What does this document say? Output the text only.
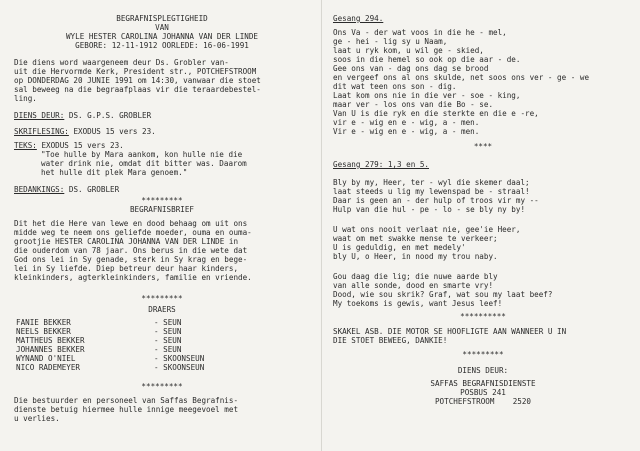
BEGRAFNISPLEGTIGHEID
VAN
WYLE HESTER CAROLINA JOHANNA VAN DER LINDE
GEBORE: 12-11-1912 OORLEDE: 16-06-1991
Die diens word waargeneem deur Ds. Grobler van-
uit die Hervormde Kerk, President str., POTCHEFSTROOM
op DONDERDAG 20 JUNIE 1991 om 14:30, vanwaar die stoet
sal beweeg na die begraafplaas vir die teraardebestel-
ling.
DIENS DEUR: DS. G.P.S. GROBLER
SKRIFLESING: EXODUS 15 vers 23.
TEKS: EXODUS 15 vers 23.
"Toe hulle by Mara aankom, kon hulle nie die
water drink nie, omdat dit bitter was. Daarom
het hulle dit plek Mara genoem."
BEDANKINGS: DS. GROBLER
*********
BEGRAFNISBRIEF
Dit het die Here van lewe en dood behaag om uit ons
midde weg te neem ons geliefde moeder, ouma en ouma-
grootjie HESTER CAROLINA JOHANNA VAN DER LINDE in
die ouderdom van 78 jaar. Ons berus in die wete dat
God ons lei in Sy genade, sterk in Sy krag en bege-
lei in Sy liefde. Diep betreur deur haar kinders,
kleinkinders, agterkleinkinders, familie en vriende.
*********
DRAERS
FANIE BEKKER	- SEUN
NEELS BEKKER	- SEUN
MATTHEUS BEKKER	- SEUN
JOHANNES BEKKER	- SEUN
WYNAND O'NIEL	- SKOONSEUN
NICO RADEMEYER	- SKOONSEUN
*********
Die bestuurder en personeel van Saffas Begrafnis-
dienste betuig hiermee hulle innige meegevoel met
u verlies.
Gesang 294.
Ons Va - der wat voos in die he - mel,
ge - hei - lig sy u Naam,
laat u ryk kom, u wil ge - skied,
soos in die hemel so ook op die aar - de.
Gee ons van - dag ons dag se brood
en vergeef ons al ons skulde, net soos ons ver - ge - we
dit wat teen ons son - dig.
Laat kom ons nie in die ver - soe - king,
maar ver - los ons van die Bo - se.
Van U is die ryk en die sterkte en die e -re,
vir e - wig en e - wig, a - men.
Vir e - wig en e - wig, a - men.
****
Gesang 279: 1,3 en 5.
Bly by my, Heer, ter - wyl die skemer daal;
laat steeds u lig my lewenspad be - straal!
Daar is geen an - der hulp of troos vir my --
Hulp van die hul - pe - lo - se bly ny by!
U wat ons nooit verlaat nie, gee'ie Heer,
waat om met swakke mense te verkeer;
U is geduldig, en met medely'
bly U, o Heer, in nood my trou naby.
Gou daag die lig; die nuwe aarde bly
van alle sonde, dood en smarte vry!
Dood, wie sou skrik? Graf, wat sou my laat beef?
My toekoms is gewis, want Jesus leef!
**********
SKAKEL ASB. DIE MOTOR SE HOOFLIGTE AAN WANNEER U IN
DIE STOET BEWEEG, DANKIE!
*********
DIENS DEUR:
SAFFAS BEGRAFNISDIENSTE
POSBUS 241
POTCHEFSTROOM 2520
